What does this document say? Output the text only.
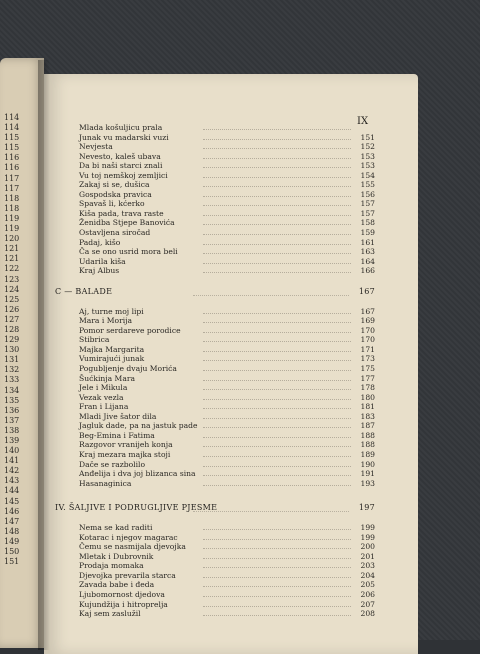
114
114
115
115
116
116
117
117
118
118
119
119
120
121
121
122
123
124
125
126
127
128
129
130
131
132
133
134
135
136
137
138
139
140
141
142
143
144
145
146
147
148
149
150
151
IX
Mlada košuljicu prala
Junak vu madarski vuzi	151
Nevjesta	152
Nevesto, kaleš ubava	153
Da bi naši starci znali	153
Vu toj nemškoj zemljici	154
Zakaj si se, dušica	155
Gospodska pravica	156
Spavaš li, kćerko	157
Kiša pada, trava raste	157
Ženidba Stjepe Banovića	158
Ostavljena siročad	159
Padaj, kišo	161
Ča se ono usrid mora beli	163
Udarila kiša	164
Kraj Albus	166
C — BALADE	167
Aj, turne moj lipi	167
Mara i Morija	169
Pomor serdareve porodice	170
Stibrica	170
Majka Margarita	171
Vumirajući junak	173
Pogubljenje dvaju Morića	175
Šućkinja Mara	177
Jele i Mikula	178
Vezak vezla	180
Fran i Lijana	181
Mladi Jive šator dila	183
Jagluk dade, pa na jastuk pade	187
Beg-Emina i Fatima	188
Razgovor vranijeh konja	188
Kraj mezara majka stoji	189
Dače se razbolilo	190
Anđelija i dva joj blizanca sina	191
Hasanaginica	193
IV. ŠALJIVE I PODRUGLJIVE PJESME	197
Nema se kad raditi	199
Kotarac i njegov magarac	199
Čemu se nasmijala djevojka	200
Mletak i Dubrovnik	201
Prodaja momaka	203
Djevojka prevarila starca	204
Zavada babe i đeda	205
Ljubomornost djedova	206
Kujundžija i hitroprelja	207
Kaj sem zaslužil	208
